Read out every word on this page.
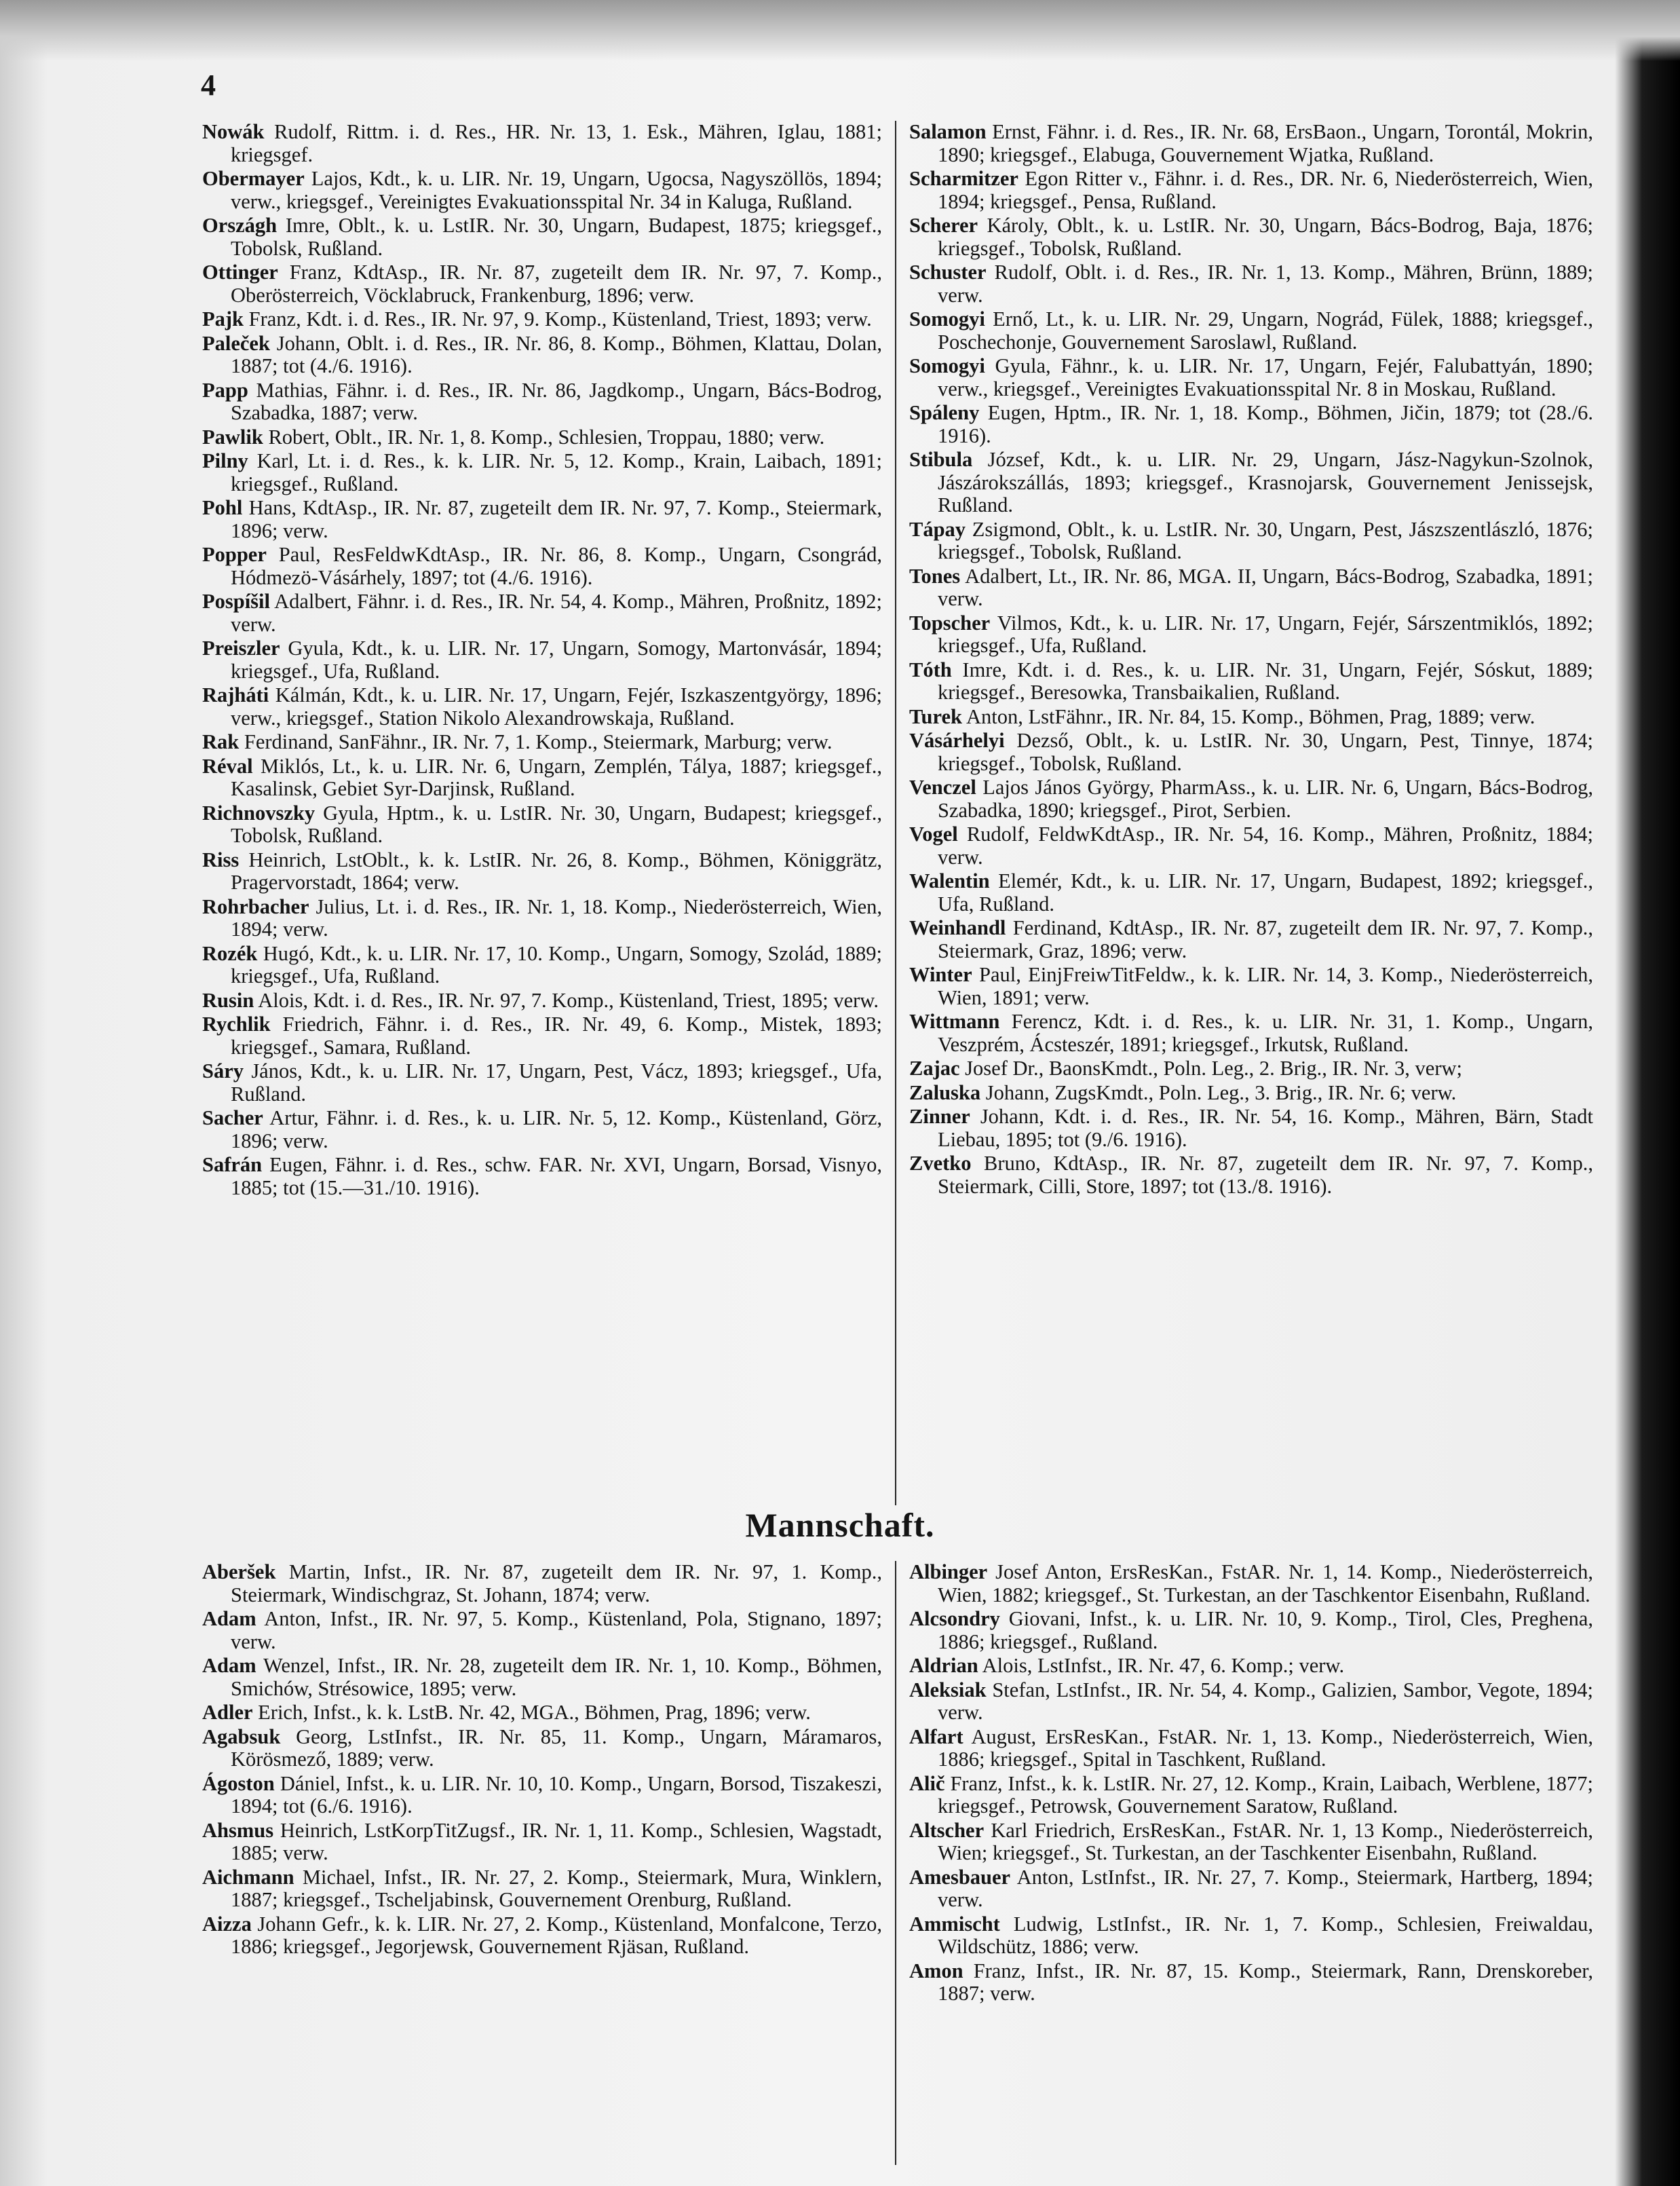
4
Nowák Rudolf, Rittm. i. d. Res., HR. Nr. 13, 1. Esk., Mähren, Iglau, 1881; kriegsgef.
Obermayer Lajos, Kdt., k. u. LIR. Nr. 19, Ungarn, Ugocsa, Nagyszöllös, 1894; verw., kriegsgef., Vereinigtes Evakuationsspital Nr. 34 in Kaluga, Rußland.
Országh Imre, Oblt., k. u. LstIR. Nr. 30, Ungarn, Budapest, 1875; kriegsgef., Tobolsk, Rußland.
Ottinger Franz, KdtAsp., IR. Nr. 87, zugeteilt dem IR. Nr. 97, 7. Komp., Oberösterreich, Vöcklabruck, Frankenburg, 1896; verw.
Pajk Franz, Kdt. i. d. Res., IR. Nr. 97, 9. Komp., Küstenland, Triest, 1893; verw.
Paleček Johann, Oblt. i. d. Res., IR. Nr. 86, 8. Komp., Böhmen, Klattau, Dolan, 1887; tot (4./6. 1916).
Papp Mathias, Fähnr. i. d. Res., IR. Nr. 86, Jagdkomp., Ungarn, Bács-Bodrog, Szabadka, 1887; verw.
Pawlik Robert, Oblt., IR. Nr. 1, 8. Komp., Schlesien, Troppau, 1880; verw.
Pilny Karl, Lt. i. d. Res., k. k. LIR. Nr. 5, 12. Komp., Krain, Laibach, 1891; kriegsgef., Rußland.
Pohl Hans, KdtAsp., IR. Nr. 87, zugeteilt dem IR. Nr. 97, 7. Komp., Steiermark, 1896; verw.
Popper Paul, ResFeldwKdtAsp., IR. Nr. 86, 8. Komp., Ungarn, Csongrád, Hódmezö-Vásárhely, 1897; tot (4./6. 1916).
Pospíšil Adalbert, Fähnr. i. d. Res., IR. Nr. 54, 4. Komp., Mähren, Proßnitz, 1892; verw.
Preiszler Gyula, Kdt., k. u. LIR. Nr. 17, Ungarn, Somogy, Martonvásár, 1894; kriegsgef., Ufa, Rußland.
Rajháti Kálmán, Kdt., k. u. LIR. Nr. 17, Ungarn, Fejér, Iszkaszentgyörgy, 1896; verw., kriegsgef., Station Nikolo Alexandrowskaja, Rußland.
Rak Ferdinand, SanFähnr., IR. Nr. 7, 1. Komp., Steiermark, Marburg; verw.
Réval Miklós, Lt., k. u. LIR. Nr. 6, Ungarn, Zemplén, Tálya, 1887; kriegsgef., Kasalinsk, Gebiet Syr-Darjinsk, Rußland.
Richnovszky Gyula, Hptm., k. u. LstIR. Nr. 30, Ungarn, Budapest; kriegsgef., Tobolsk, Rußland.
Riss Heinrich, LstOblt., k. k. LstIR. Nr. 26, 8. Komp., Böhmen, Königgrätz, Pragervorstadt, 1864; verw.
Rohrbacher Julius, Lt. i. d. Res., IR. Nr. 1, 18. Komp., Niederösterreich, Wien, 1894; verw.
Rozék Hugó, Kdt., k. u. LIR. Nr. 17, 10. Komp., Ungarn, Somogy, Szolád, 1889; kriegsgef., Ufa, Rußland.
Rusin Alois, Kdt. i. d. Res., IR. Nr. 97, 7. Komp., Küstenland, Triest, 1895; verw.
Rychlik Friedrich, Fähnr. i. d. Res., IR. Nr. 49, 6. Komp., Mistek, 1893; kriegsgef., Samara, Rußland.
Sáry János, Kdt., k. u. LIR. Nr. 17, Ungarn, Pest, Vácz, 1893; kriegsgef., Ufa, Rußland.
Sacher Artur, Fähnr. i. d. Res., k. u. LIR. Nr. 5, 12. Komp., Küstenland, Görz, 1896; verw.
Safrán Eugen, Fähnr. i. d. Res., schw. FAR. Nr. XVI, Ungarn, Borsad, Visnyo, 1885; tot (15.—31./10. 1916).
Salamon Ernst, Fähnr. i. d. Res., IR. Nr. 68, ErsBaon., Ungarn, Torontál, Mokrin, 1890; kriegsgef., Elabuga, Gouvernement Wjatka, Rußland.
Scharmitzer Egon Ritter v., Fähnr. i. d. Res., DR. Nr. 6, Niederösterreich, Wien, 1894; kriegsgef., Pensa, Rußland.
Scherer Károly, Oblt., k. u. LstIR. Nr. 30, Ungarn, Bács-Bodrog, Baja, 1876; kriegsgef., Tobolsk, Rußland.
Schuster Rudolf, Oblt. i. d. Res., IR. Nr. 1, 13. Komp., Mähren, Brünn, 1889; verw.
Somogyi Ernő, Lt., k. u. LIR. Nr. 29, Ungarn, Nográd, Fülek, 1888; kriegsgef., Poschechonje, Gouvernement Saroslawl, Rußland.
Somogyi Gyula, Fähnr., k. u. LIR. Nr. 17, Ungarn, Fejér, Falubattyán, 1890; verw., kriegsgef., Vereinigtes Evakuationsspital Nr. 8 in Moskau, Rußland.
Spáleny Eugen, Hptm., IR. Nr. 1, 18. Komp., Böhmen, Jičin, 1879; tot (28./6. 1916).
Stibula József, Kdt., k. u. LIR. Nr. 29, Ungarn, Jász-Nagykun-Szolnok, Jászárokszállás, 1893; kriegsgef., Krasnojarsk, Gouvernement Jenissejsk, Rußland.
Tápay Zsigmond, Oblt., k. u. LstIR. Nr. 30, Ungarn, Pest, Jászszentlászló, 1876; kriegsgef., Tobolsk, Rußland.
Tones Adalbert, Lt., IR. Nr. 86, MGA. II, Ungarn, Bács-Bodrog, Szabadka, 1891; verw.
Topscher Vilmos, Kdt., k. u. LIR. Nr. 17, Ungarn, Fejér, Sárszentmiklós, 1892; kriegsgef., Ufa, Rußland.
Tóth Imre, Kdt. i. d. Res., k. u. LIR. Nr. 31, Ungarn, Fejér, Sóskut, 1889; kriegsgef., Beresowka, Transbaikalien, Rußland.
Turek Anton, LstFähnr., IR. Nr. 84, 15. Komp., Böhmen, Prag, 1889; verw.
Vásárhelyi Dezső, Oblt., k. u. LstIR. Nr. 30, Ungarn, Pest, Tinnye, 1874; kriegsgef., Tobolsk, Rußland.
Venczel Lajos János György, PharmAss., k. u. LIR. Nr. 6, Ungarn, Bács-Bodrog, Szabadka, 1890; kriegsgef., Pirot, Serbien.
Vogel Rudolf, FeldwKdtAsp., IR. Nr. 54, 16. Komp., Mähren, Proßnitz, 1884; verw.
Walentin Elemér, Kdt., k. u. LIR. Nr. 17, Ungarn, Budapest, 1892; kriegsgef., Ufa, Rußland.
Weinhandl Ferdinand, KdtAsp., IR. Nr. 87, zugeteilt dem IR. Nr. 97, 7. Komp., Steiermark, Graz, 1896; verw.
Winter Paul, EinjFreiwTitFeldw., k. k. LIR. Nr. 14, 3. Komp., Niederösterreich, Wien, 1891; verw.
Wittmann Ferencz, Kdt. i. d. Res., k. u. LIR. Nr. 31, 1. Komp., Ungarn, Veszprém, Ácsteszér, 1891; kriegsgef., Irkutsk, Rußland.
Zajac Josef Dr., BaonsKmdt., Poln. Leg., 2. Brig., IR. Nr. 3, verw;
Zaluska Johann, ZugsKmdt., Poln. Leg., 3. Brig., IR. Nr. 6; verw.
Zinner Johann, Kdt. i. d. Res., IR. Nr. 54, 16. Komp., Mähren, Bärn, Stadt Liebau, 1895; tot (9./6. 1916).
Zvetko Bruno, KdtAsp., IR. Nr. 87, zugeteilt dem IR. Nr. 97, 7. Komp., Steiermark, Cilli, Store, 1897; tot (13./8. 1916).
Mannschaft.
Aberšek Martin, Infst., IR. Nr. 87, zugeteilt dem IR. Nr. 97, 1. Komp., Steiermark, Windischgraz, St. Johann, 1874; verw.
Adam Anton, Infst., IR. Nr. 97, 5. Komp., Küstenland, Pola, Stignano, 1897; verw.
Adam Wenzel, Infst., IR. Nr. 28, zugeteilt dem IR. Nr. 1, 10. Komp., Böhmen, Smichów, Strésowice, 1895; verw.
Adler Erich, Infst., k. k. LstB. Nr. 42, MGA., Böhmen, Prag, 1896; verw.
Agabsuk Georg, LstInfst., IR. Nr. 85, 11. Komp., Ungarn, Máramaros, Körösmező, 1889; verw.
Ágoston Dániel, Infst., k. u. LIR. Nr. 10, 10. Komp., Ungarn, Borsod, Tiszakeszi, 1894; tot (6./6. 1916).
Ahsmus Heinrich, LstKorpTitZugsf., IR. Nr. 1, 11. Komp., Schlesien, Wagstadt, 1885; verw.
Aichmann Michael, Infst., IR. Nr. 27, 2. Komp., Steiermark, Mura, Winklern, 1887; kriegsgef., Tscheljabinsk, Gouvernement Orenburg, Rußland.
Aizza Johann Gefr., k. k. LIR. Nr. 27, 2. Komp., Küstenland, Monfalcone, Terzo, 1886; kriegsgef., Jegorjewsk, Gouvernement Rjäsan, Rußland.
Albinger Josef Anton, ErsResKan., FstAR. Nr. 1, 14. Komp., Niederösterreich, Wien, 1882; kriegsgef., St. Turkestan, an der Taschkentor Eisenbahn, Rußland.
Alcsondry Giovani, Infst., k. u. LIR. Nr. 10, 9. Komp., Tirol, Cles, Preghena, 1886; kriegsgef., Rußland.
Aldrian Alois, LstInfst., IR. Nr. 47, 6. Komp.; verw.
Aleksiak Stefan, LstInfst., IR. Nr. 54, 4. Komp., Galizien, Sambor, Vegote, 1894; verw.
Alfart August, ErsResKan., FstAR. Nr. 1, 13. Komp., Niederösterreich, Wien, 1886; kriegsgef., Spital in Taschkent, Rußland.
Alič Franz, Infst., k. k. LstIR. Nr. 27, 12. Komp., Krain, Laibach, Werblene, 1877; kriegsgef., Petrowsk, Gouvernement Saratow, Rußland.
Altscher Karl Friedrich, ErsResKan., FstAR. Nr. 1, 13 Komp., Niederösterreich, Wien; kriegsgef., St. Turkestan, an der Taschkenter Eisenbahn, Rußland.
Amesbauer Anton, LstInfst., IR. Nr. 27, 7. Komp., Steiermark, Hartberg, 1894; verw.
Ammischt Ludwig, LstInfst., IR. Nr. 1, 7. Komp., Schlesien, Freiwaldau, Wildschütz, 1886; verw.
Amon Franz, Infst., IR. Nr. 87, 15. Komp., Steiermark, Rann, Drenskoreber, 1887; verw.
